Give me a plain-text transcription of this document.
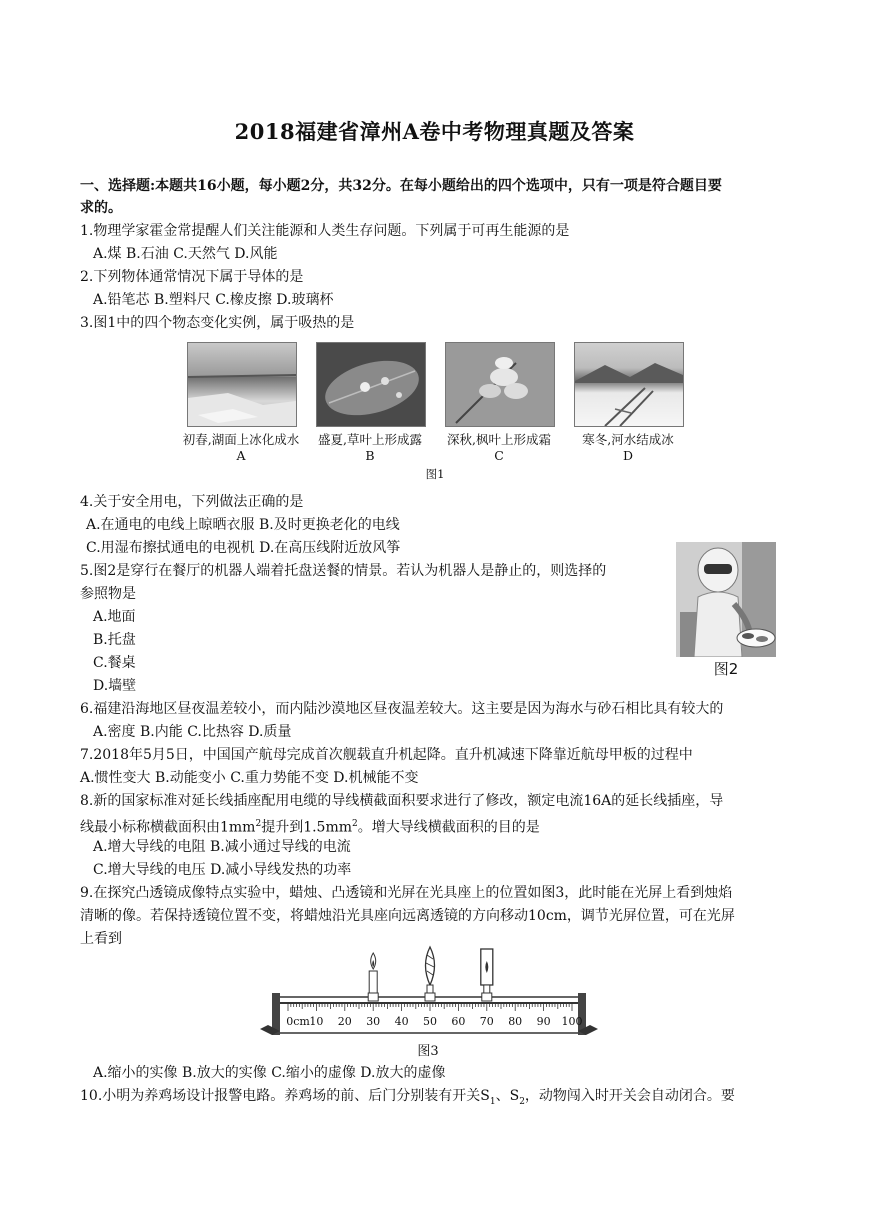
2018福建省漳州A卷中考物理真题及答案
一、选择题:本题共16小题，每小题2分，共32分。在每小题给出的四个选项中，只有一项是符合题目要
求的。
1.物理学家霍金常提醒人们关注能源和人类生存问题。下列属于可再生能源的是
A.煤 B.石油 C.天然气 D.风能
2.下列物体通常情况下属于导体的是
A.铅笔芯 B.塑料尺 C.橡皮擦 D.玻璃杯
3.图1中的四个物态变化实例，属于吸热的是
初春,湖面上冰化成水	盛夏,草叶上形成露	深秋,枫叶上形成霜	寒冬,河水结成冰
A	B	C	D
图1
4.关于安全用电，下列做法正确的是
A.在通电的电线上晾晒衣服 B.及时更换老化的电线
C.用湿布擦拭通电的电视机 D.在高压线附近放风筝
5.图2是穿行在餐厅的机器人端着托盘送餐的情景。若认为机器人是静止的，则选择的
参照物是
A.地面
B.托盘
C.餐桌
D.墙壁
图2
6.福建沿海地区昼夜温差较小，而内陆沙漠地区昼夜温差较大。这主要是因为海水与砂石相比具有较大的
A.密度 B.内能 C.比热容 D.质量
7.2018年5月5日，中国国产航母完成首次舰载直升机起降。直升机减速下降靠近航母甲板的过程中
A.惯性变大 B.动能变小 C.重力势能不变 D.机械能不变
8.新的国家标准对延长线插座配用电缆的导线横截面积要求进行了修改，额定电流16A的延长线插座，导
线最小标称横截面积由$1mm^2$提升到$1.5mm^2$。增大导线横截面积的目的是
A.增大导线的电阻 B.减小通过导线的电流
C.增大导线的电压 D.减小导线发热的功率
9.在探究凸透镜成像特点实验中，蜡烛、凸透镜和光屏在光具座上的位置如图3，此时能在光屏上看到烛焰
清晰的像。若保持透镜位置不变，将蜡烛沿光具座向远离透镜的方向移动10cm，调节光屏位置，可在光屏
上看到
0cm 10 20 30 40 50 60 70 80 90 100
图3
A.缩小的实像 B.放大的实像 C.缩小的虚像 D.放大的虚像
10.小明为养鸡场设计报警电路。养鸡场的前、后门分别装有开关$S_1$、$S_2$，动物闯入时开关会自动闭合。要
